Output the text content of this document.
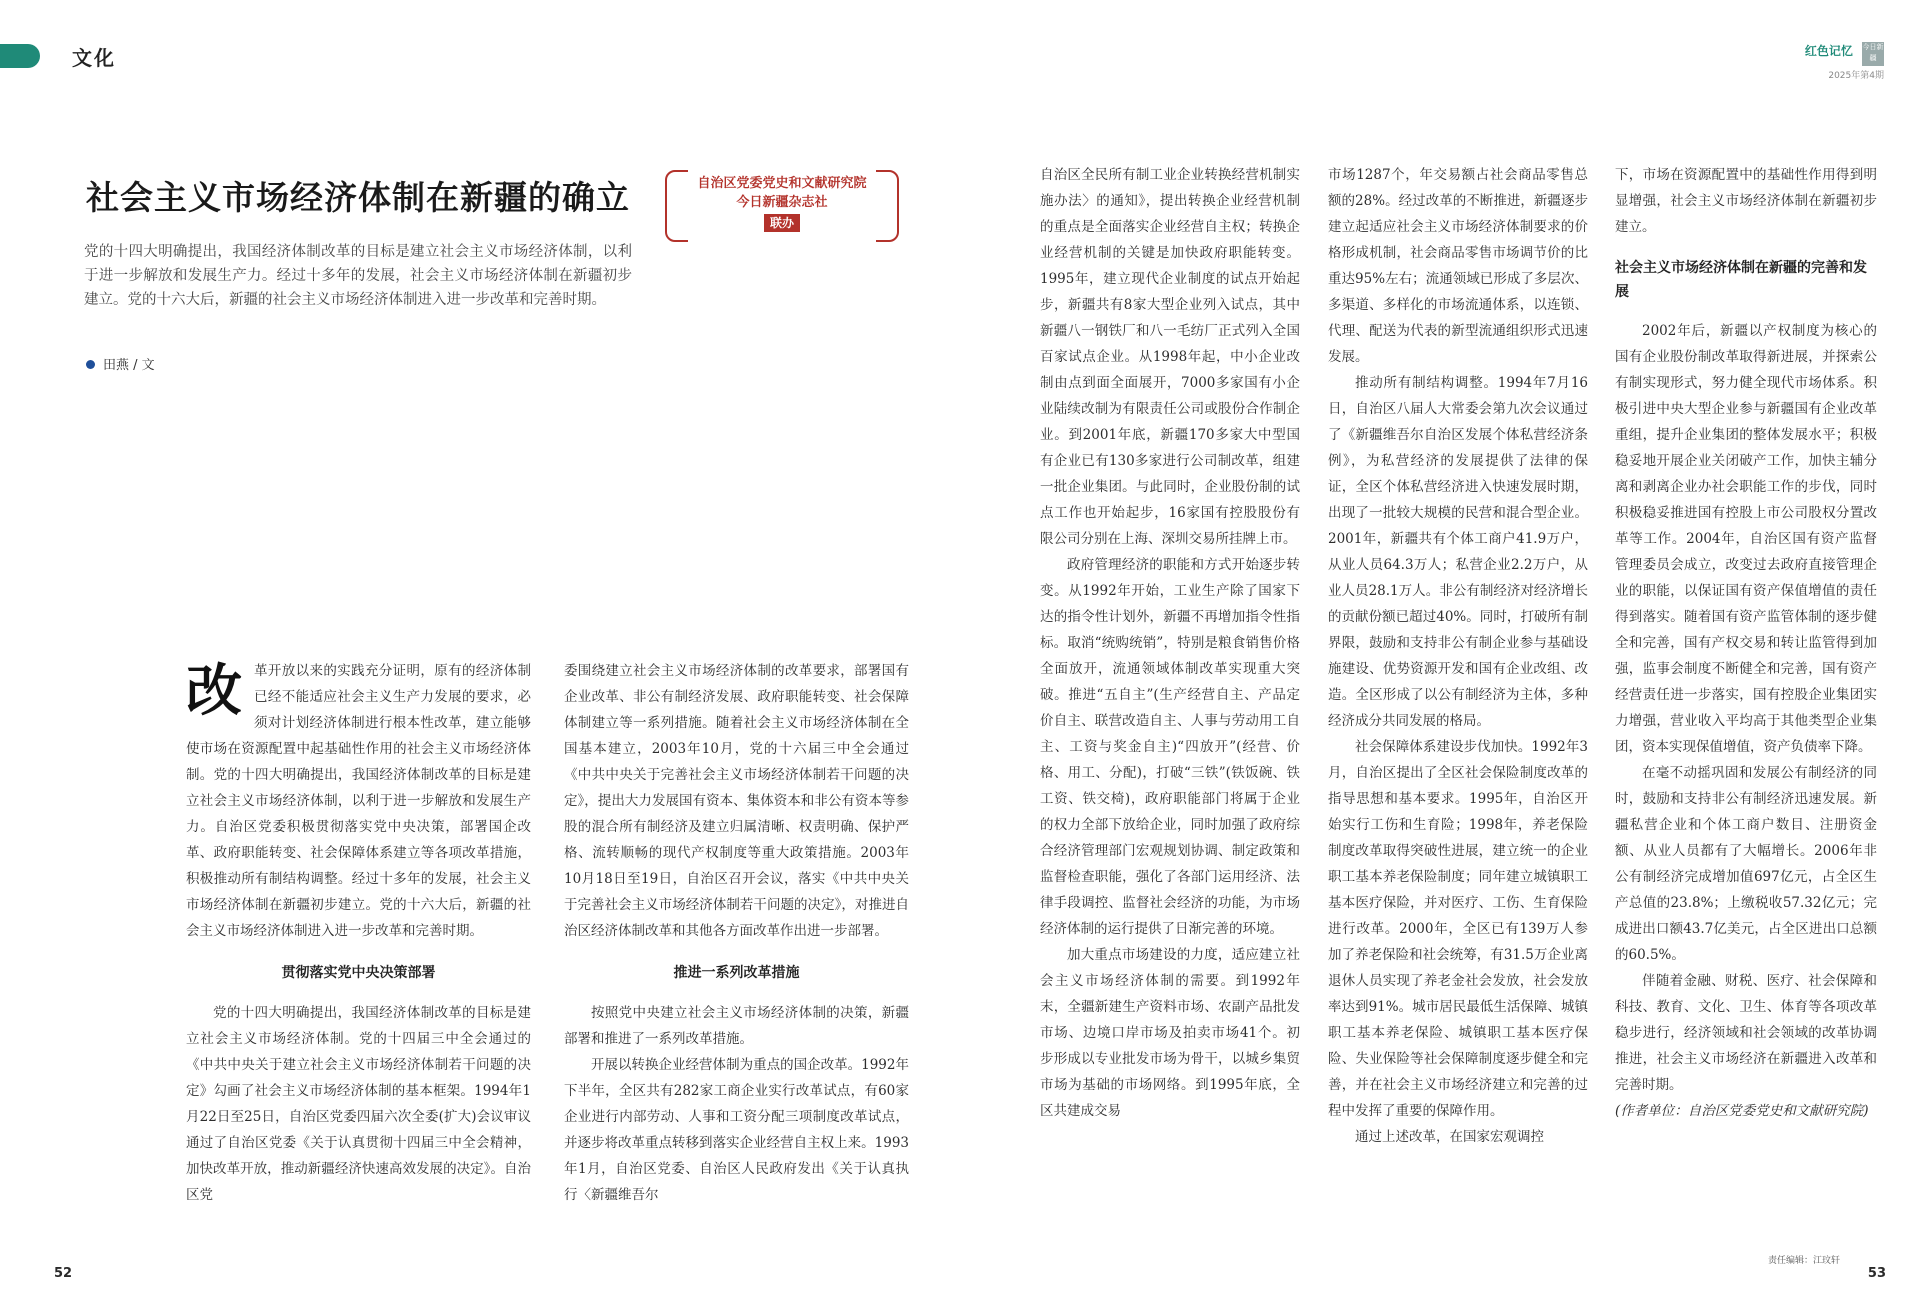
文化	红色记忆 今日新疆
2025年第4期
社会主义市场经济体制在新疆的确立	自治区党委党史和文献研究院
今日新疆杂志社
联办
党的十四大明确提出，我国经济体制改革的目标是建立社会主义市场经济体制，以利于进一步解放和发展生产力。经过十多年的发展，社会主义市场经济体制在新疆初步建立。党的十六大后，新疆的社会主义市场经济体制进入进一步改革和完善时期。
田燕 / 文
改 革开放以来的实践充分证明，原有的经济体制已经不能适应社会主义生产力发展的要求，必须对计划经济体制进行根本性改革，建立能够使市场在资源配置中起基础性作用的社会主义市场经济体制。党的十四大明确提出，我国经济体制改革的目标是建立社会主义市场经济体制，以利于进一步解放和发展生产力。自治区党委积极贯彻落实党中央决策，部署国企改革、政府职能转变、社会保障体系建立等各项改革措施，积极推动所有制结构调整。经过十多年的发展，社会主义市场经济体制在新疆初步建立。党的十六大后，新疆的社会主义市场经济体制进入进一步改革和完善时期。

贯彻落实党中央决策部署

党的十四大明确提出，我国经济体制改革的目标是建立社会主义市场经济体制。党的十四届三中全会通过的《中共中央关于建立社会主义市场经济体制若干问题的决定》勾画了社会主义市场经济体制的基本框架。1994年1月22日至25日，自治区党委四届六次全委(扩大)会议审议通过了自治区党委《关于认真贯彻十四届三中全会精神，加快改革开放，推动新疆经济快速高效发展的决定》。自治区党

委围绕建立社会主义市场经济体制的改革要求，部署国有企业改革、非公有制经济发展、政府职能转变、社会保障体制建立等一系列措施。随着社会主义市场经济体制在全国基本建立，2003年10月，党的十六届三中全会通过《中共中央关于完善社会主义市场经济体制若干问题的决定》，提出大力发展国有资本、集体资本和非公有资本等参股的混合所有制经济及建立归属清晰、权责明确、保护严格、流转顺畅的现代产权制度等重大政策措施。2003年10月18日至19日，自治区召开会议，落实《中共中央关于完善社会主义市场经济体制若干问题的决定》，对推进自治区经济体制改革和其他各方面改革作出进一步部署。

推进一系列改革措施

按照党中央建立社会主义市场经济体制的决策，新疆部署和推进了一系列改革措施。

开展以转换企业经营体制为重点的国企改革。1992年下半年，全区共有282家工商企业实行改革试点，有60家企业进行内部劳动、人事和工资分配三项制度改革试点，并逐步将改革重点转移到落实企业经营自主权上来。1993年1月，自治区党委、自治区人民政府发出《关于认真执行〈新疆维吾尔

自治区全民所有制工业企业转换经营机制实施办法〉的通知》，提出转换企业经营机制的重点是全面落实企业经营自主权；转换企业经营机制的关键是加快政府职能转变。1995年，建立现代企业制度的试点开始起步，新疆共有8家大型企业列入试点，其中新疆八一钢铁厂和八一毛纺厂正式列入全国百家试点企业。从1998年起，中小企业改制由点到面全面展开，7000多家国有小企业陆续改制为有限责任公司或股份合作制企业。到2001年底，新疆170多家大中型国有企业已有130多家进行公司制改革，组建一批企业集团。与此同时，企业股份制的试点工作也开始起步，16家国有控股股份有限公司分别在上海、深圳交易所挂牌上市。

政府管理经济的职能和方式开始逐步转变。从1992年开始，工业生产除了国家下达的指令性计划外，新疆不再增加指令性指标。取消“统购统销”，特别是粮食销售价格全面放开，流通领域体制改革实现重大突破。推进“五自主”(生产经营自主、产品定价自主、联营改造自主、人事与劳动用工自主、工资与奖金自主)“四放开”(经营、价格、用工、分配)，打破“三铁”(铁饭碗、铁工资、铁交椅)，政府职能部门将属于企业的权力全部下放给企业，同时加强了政府综合经济管理部门宏观规划协调、制定政策和监督检查职能，强化了各部门运用经济、法律手段调控、监督社会经济的功能，为市场经济体制的运行提供了日渐完善的环境。

加大重点市场建设的力度，适应建立社会主义市场经济体制的需要。到1992年末，全疆新建生产资料市场、农副产品批发市场、边境口岸市场及拍卖市场41个。初步形成以专业批发市场为骨干，以城乡集贸市场为基础的市场网络。到1995年底，全区共建成交易

市场1287个，年交易额占社会商品零售总额的28%。经过改革的不断推进，新疆逐步建立起适应社会主义市场经济体制要求的价格形成机制，社会商品零售市场调节价的比重达95%左右；流通领域已形成了多层次、多渠道、多样化的市场流通体系，以连锁、代理、配送为代表的新型流通组织形式迅速发展。

推动所有制结构调整。1994年7月16日，自治区八届人大常委会第九次会议通过了《新疆维吾尔自治区发展个体私营经济条例》，为私营经济的发展提供了法律的保证，全区个体私营经济进入快速发展时期，出现了一批较大规模的民营和混合型企业。2001年，新疆共有个体工商户41.9万户，从业人员64.3万人；私营企业2.2万户，从业人员28.1万人。非公有制经济对经济增长的贡献份额已超过40%。同时，打破所有制界限，鼓励和支持非公有制企业参与基础设施建设、优势资源开发和国有企业改组、改造。全区形成了以公有制经济为主体，多种经济成分共同发展的格局。

社会保障体系建设步伐加快。1992年3月，自治区提出了全区社会保险制度改革的指导思想和基本要求。1995年，自治区开始实行工伤和生育险；1998年，养老保险制度改革取得突破性进展，建立统一的企业职工基本养老保险制度；同年建立城镇职工基本医疗保险，并对医疗、工伤、生育保险进行改革。2000年，全区已有139万人参加了养老保险和社会统筹，有31.5万企业离退休人员实现了养老金社会发放，社会发放率达到91%。城市居民最低生活保障、城镇职工基本养老保险、城镇职工基本医疗保险、失业保险等社会保障制度逐步健全和完善，并在社会主义市场经济建立和完善的过程中发挥了重要的保障作用。

通过上述改革，在国家宏观调控

下，市场在资源配置中的基础性作用得到明显增强，社会主义市场经济体制在新疆初步建立。

社会主义市场经济体制在新疆的完善和发展

2002年后，新疆以产权制度为核心的国有企业股份制改革取得新进展，并探索公有制实现形式，努力健全现代市场体系。积极引进中央大型企业参与新疆国有企业改革重组，提升企业集团的整体发展水平；积极稳妥地开展企业关闭破产工作，加快主辅分离和剥离企业办社会职能工作的步伐，同时积极稳妥推进国有控股上市公司股权分置改革等工作。2004年，自治区国有资产监督管理委员会成立，改变过去政府直接管理企业的职能，以保证国有资产保值增值的责任得到落实。随着国有资产监管体制的逐步健全和完善，国有产权交易和转让监管得到加强，监事会制度不断健全和完善，国有资产经营责任进一步落实，国有控股企业集团实力增强，营业收入平均高于其他类型企业集团，资本实现保值增值，资产负债率下降。

在毫不动摇巩固和发展公有制经济的同时，鼓励和支持非公有制经济迅速发展。新疆私营企业和个体工商户数目、注册资金额、从业人员都有了大幅增长。2006年非公有制经济完成增加值697亿元，占全区生产总值的23.8%；上缴税收57.32亿元；完成进出口额43.7亿美元，占全区进出口总额的60.5%。

伴随着金融、财税、医疗、社会保障和科技、教育、文化、卫生、体育等各项改革稳步进行，经济领域和社会领域的改革协调推进，社会主义市场经济在新疆进入改革和完善时期。

(作者单位：自治区党委党史和文献研究院)

52
责任编辑：江玟轩
53
